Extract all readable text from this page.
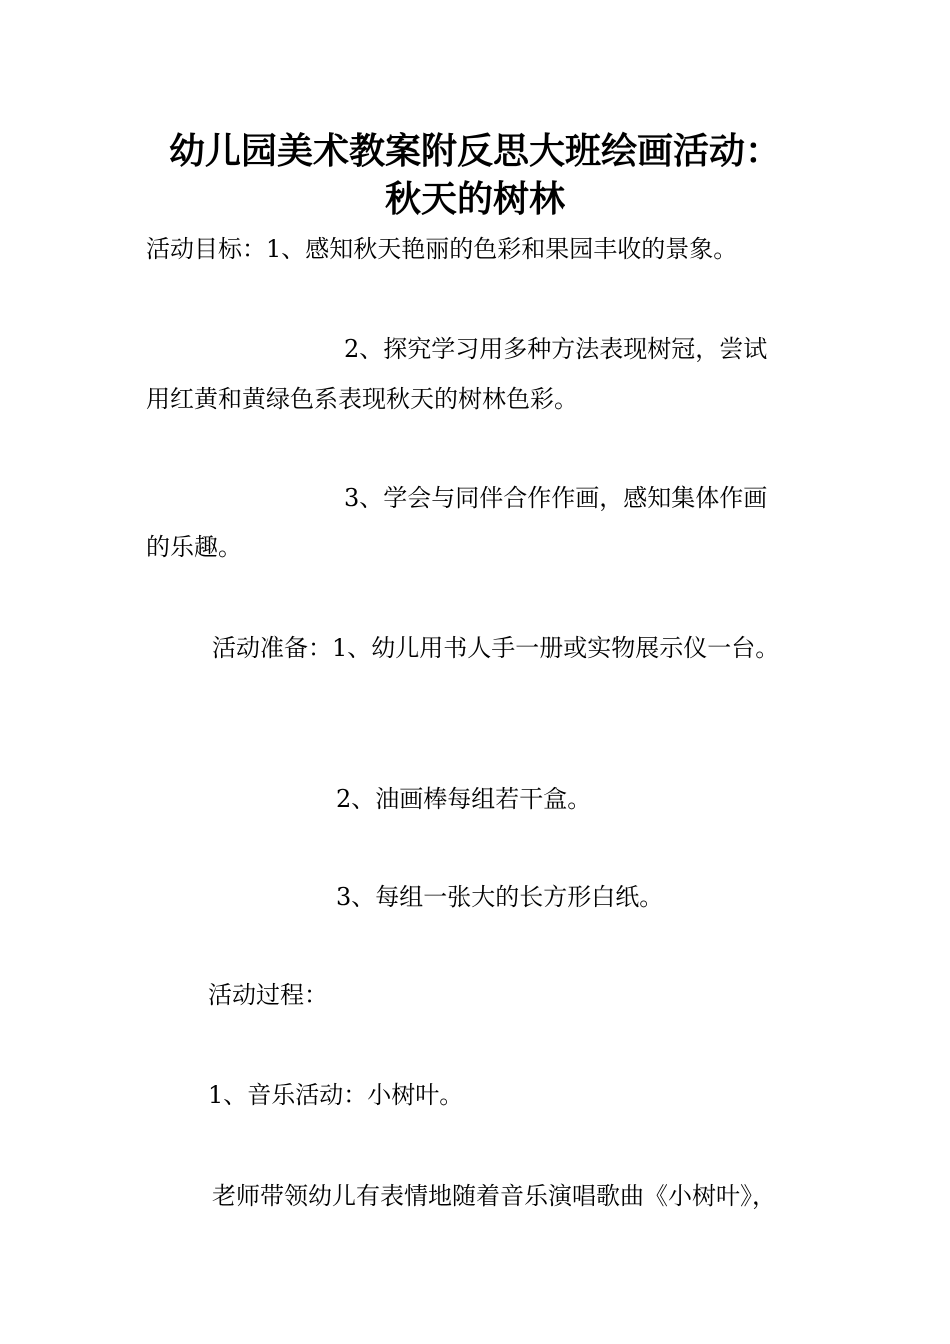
幼儿园美术教案附反思大班绘画活动：
秋天的树林

活动目标：1、感知秋天艳丽的色彩和果园丰收的景象。

2、探究学习用多种方法表现树冠，尝试

用红黄和黄绿色系表现秋天的树林色彩。

3、学会与同伴合作作画，感知集体作画

的乐趣。

活动准备：1、幼儿用书人手一册或实物展示仪一台。

2、油画棒每组若干盒。

3、每组一张大的长方形白纸。

活动过程：

1、音乐活动：小树叶。

老师带领幼儿有表情地随着音乐演唱歌曲《小树叶》，
